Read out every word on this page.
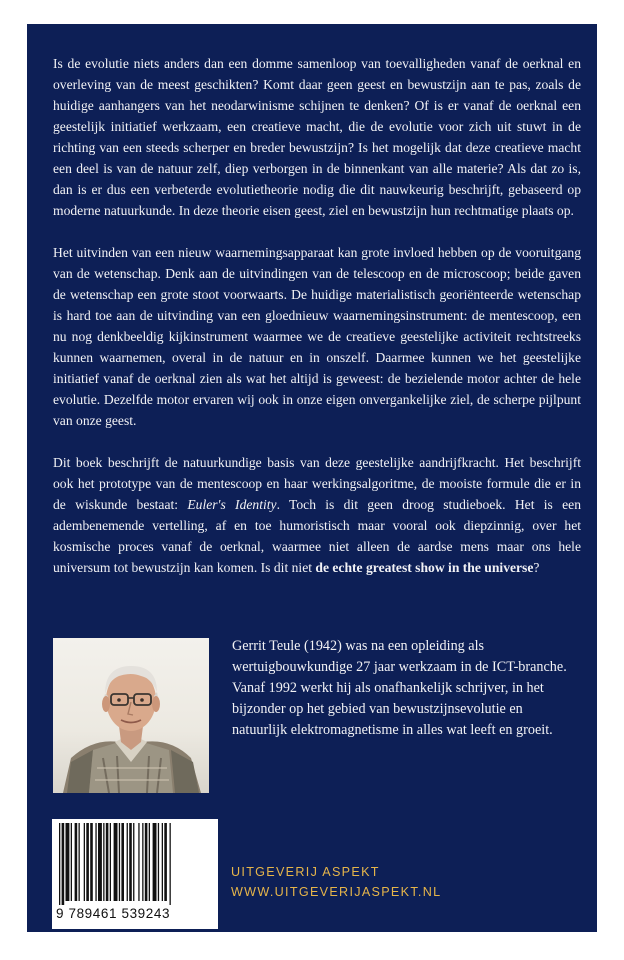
Is de evolutie niets anders dan een domme samenloop van toevalligheden vanaf de oerknal en overleving van de meest geschikten? Komt daar geen geest en bewustzijn aan te pas, zoals de huidige aanhangers van het neodarwinisme schijnen te denken? Of is er vanaf de oerknal een geestelijk initiatief werkzaam, een creatieve macht, die de evolutie voor zich uit stuwt in de richting van een steeds scherper en breder bewustzijn? Is het mogelijk dat deze creatieve macht een deel is van de natuur zelf, diep verborgen in de binnenkant van alle materie? Als dat zo is, dan is er dus een verbeterde evolutietheorie nodig die dit nauwkeurig beschrijft, gebaseerd op moderne natuurkunde. In deze theorie eisen geest, ziel en bewustzijn hun rechtmatige plaats op.

Het uitvinden van een nieuw waarnemingsapparaat kan grote invloed hebben op de vooruitgang van de wetenschap. Denk aan de uitvindingen van de telescoop en de microscoop; beide gaven de wetenschap een grote stoot voorwaarts. De huidige materialistisch georiënteerde wetenschap is hard toe aan de uitvinding van een gloednieuw waarnemingsinstrument: de mentescoop, een nu nog denkbeeldig kijkinstrument waarmee we de creatieve geestelijke activiteit rechtstreeks kunnen waarnemen, overal in de natuur en in onszelf. Daarmee kunnen we het geestelijke initiatief vanaf de oerknal zien als wat het altijd is geweest: de bezielende motor achter de hele evolutie. Dezelfde motor ervaren wij ook in onze eigen onvergankelijke ziel, de scherpe pijlpunt van onze geest.

Dit boek beschrijft de natuurkundige basis van deze geestelijke aandrijfkracht. Het beschrijft ook het prototype van de mentescoop en haar werkingsalgoritme, de mooiste formule die er in de wiskunde bestaat: Euler's Identity. Toch is dit geen droog studieboek. Het is een adembenemende vertelling, af en toe humoristisch maar vooral ook diepzinnig, over het kosmische proces vanaf de oerknal, waarmee niet alleen de aardse mens maar ons hele universum tot bewustzijn kan komen. Is dit niet de echte greatest show in the universe?

Gerrit Teule (1942) was na een opleiding als wertuigbouwkundige 27 jaar werkzaam in de ICT-branche. Vanaf 1992 werkt hij als onafhankelijk schrijver, in het bijzonder op het gebied van bewustzijnsevolutie en natuurlijk elektromagnetisme in alles wat leeft en groeit.

9 789461 539243
UITGEVERIJ ASPEKT
WWW.UITGEVERIJASPEKT.NL
